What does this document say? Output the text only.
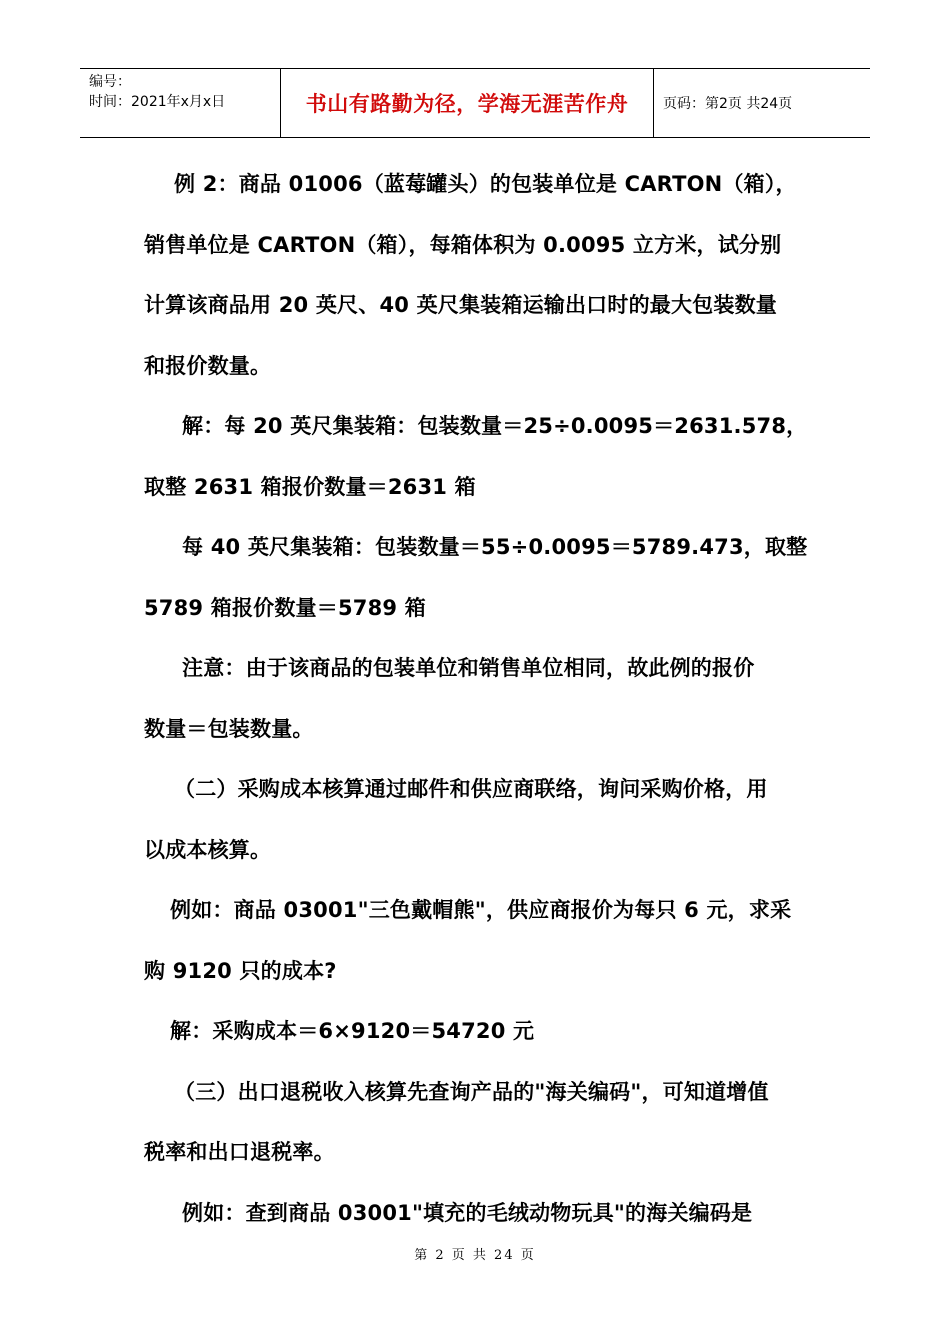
编号：
时间：2021年x月x日	书山有路勤为径，学海无涯苦作舟	页码：第2页 共24页
例 2：商品 01006（蓝莓罐头）的包装单位是 CARTON（箱），
销售单位是 CARTON（箱），每箱体积为 0.0095 立方米，试分别
计算该商品用 20 英尺、40 英尺集装箱运输出口时的最大包装数量
和报价数量。
解：每 20 英尺集装箱：包装数量＝25÷0.0095＝2631.578，
取整 2631 箱报价数量＝2631 箱
每 40 英尺集装箱：包装数量＝55÷0.0095＝5789.473，取整
5789 箱报价数量＝5789 箱
注意：由于该商品的包装单位和销售单位相同，故此例的报价
数量＝包装数量。
（二）采购成本核算通过邮件和供应商联络，询问采购价格，用
以成本核算。
例如：商品 03001"三色戴帽熊"，供应商报价为每只 6 元，求采
购 9120 只的成本?
解：采购成本＝6×9120＝54720 元
（三）出口退税收入核算先查询产品的"海关编码"，可知道增值
税率和出口退税率。
例如：查到商品 03001"填充的毛绒动物玩具"的海关编码是
第 2 页 共 24 页
